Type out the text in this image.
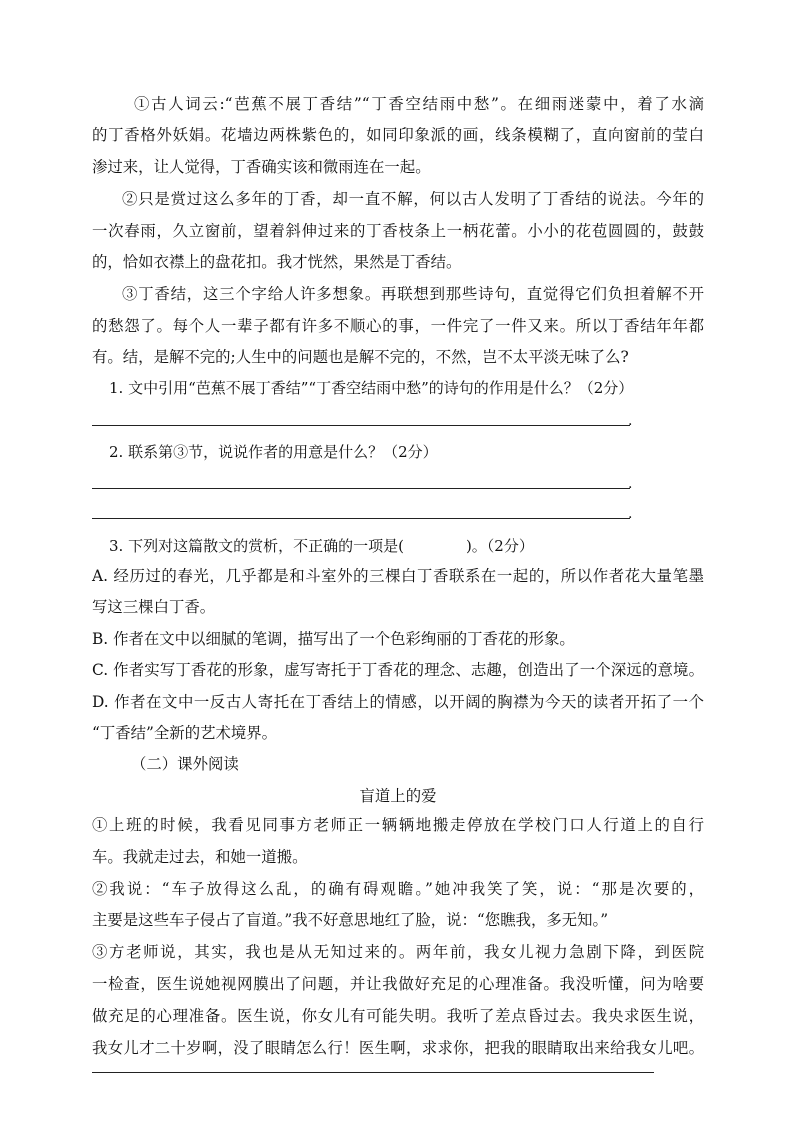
①古人词云:“芭蕉不展丁香结”“丁香空结雨中愁”。在细雨迷蒙中，着了水滴
的丁香格外妖娟。花墙边两株紫色的，如同印象派的画，线条模糊了，直向窗前的莹白
渗过来，让人觉得，丁香确实该和微雨连在一起。
②只是赏过这么多年的丁香，却一直不解，何以古人发明了丁香结的说法。今年的
一次春雨，久立窗前，望着斜伸过来的丁香枝条上一柄花蕾。小小的花苞圆圆的，鼓鼓
的，恰如衣襟上的盘花扣。我才恍然，果然是丁香结。
③丁香结，这三个字给人许多想象。再联想到那些诗句，直觉得它们负担着解不开
的愁怨了。每个人一辈子都有许多不顺心的事，一件完了一件又来。所以丁香结年年都
有。结，是解不完的;人生中的问题也是解不完的，不然，岂不太平淡无味了么?
1. 文中引用“芭蕉不展丁香结”“丁香空结雨中愁”的诗句的作用是什么？（2分）
.
2. 联系第③节，说说作者的用意是什么？（2分）
.
.
3. 下列对这篇散文的赏析，不正确的一项是(	)。（2分）
A. 经历过的春光，几乎都是和斗室外的三棵白丁香联系在一起的，所以作者花大量笔墨
写这三棵白丁香。
B. 作者在文中以细腻的笔调，描写出了一个色彩绚丽的丁香花的形象。
C. 作者实写丁香花的形象，虚写寄托于丁香花的理念、志趣，创造出了一个深远的意境。
D. 作者在文中一反古人寄托在丁香结上的情感，以开阔的胸襟为今天的读者开拓了一个
“丁香结”全新的艺术境界。
（二）课外阅读
盲道上的爱
①上班的时候，我看见同事方老师正一辆辆地搬走停放在学校门口人行道上的自行
车。我就走过去，和她一道搬。
②我说：“车子放得这么乱，的确有碍观瞻。”她冲我笑了笑，说：“那是次要的，
主要是这些车子侵占了盲道。”我不好意思地红了脸，说：“您瞧我，多无知。”
③方老师说，其实，我也是从无知过来的。两年前，我女儿视力急剧下降，到医院
一检查，医生说她视网膜出了问题，并让我做好充足的心理准备。我没听懂，问为啥要
做充足的心理准备。医生说，你女儿有可能失明。我听了差点昏过去。我央求医生说，
我女儿才二十岁啊，没了眼睛怎么行！医生啊，求求你，把我的眼睛取出来给我女儿吧。
